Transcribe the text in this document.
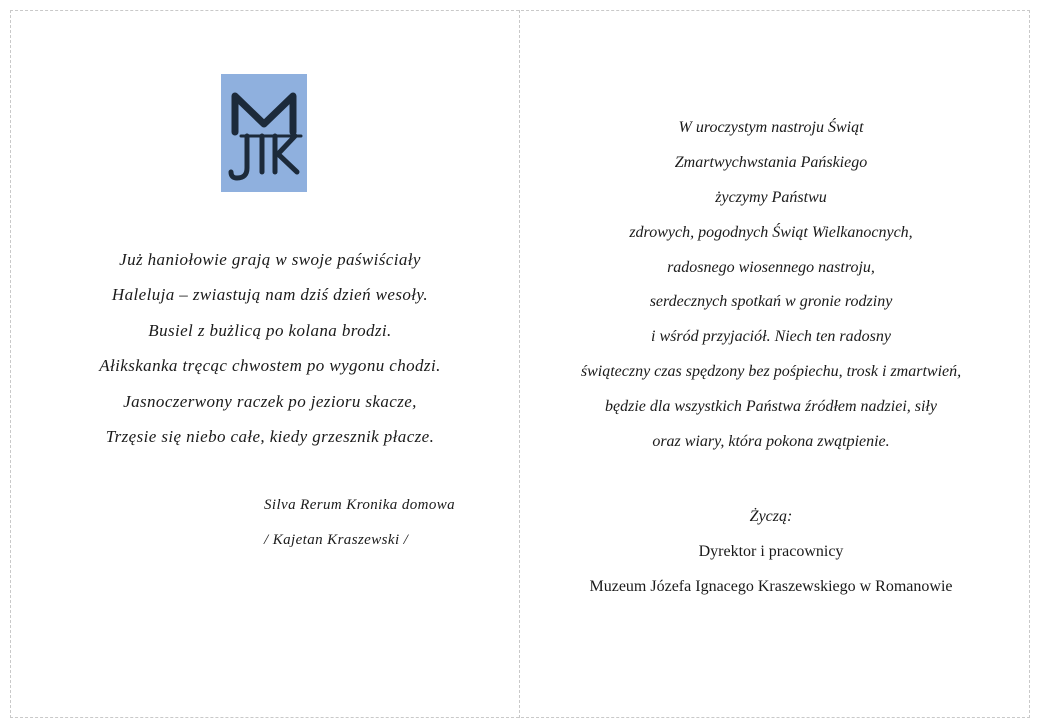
Już haniołowie grają w swoje paświściały
Haleluja – zwiastują nam dziś dzień wesoły.
Busiel z bużlicą po kolana brodzi.
Ałikskanka tręcąc chwostem po wygonu chodzi.
Jasnoczerwony raczek po jezioru skacze,
Trzęsie się niebo całe, kiedy grzesznik płacze.
Silva Rerum Kronika domowa
/ Kajetan Kraszewski /
W uroczystym nastroju Świąt
Zmartwychwstania Pańskiego
życzymy Państwu
zdrowych, pogodnych Świąt Wielkanocnych,
radosnego wiosennego nastroju,
serdecznych spotkań w gronie rodziny
i wśród przyjaciół. Niech ten radosny
świąteczny czas spędzony bez pośpiechu, trosk i zmartwień,
będzie dla wszystkich Państwa źródłem nadziei, siły
oraz wiary, która pokona zwątpienie.
Życzą:
Dyrektor i pracownicy
Muzeum Józefa Ignacego Kraszewskiego w Romanowie
